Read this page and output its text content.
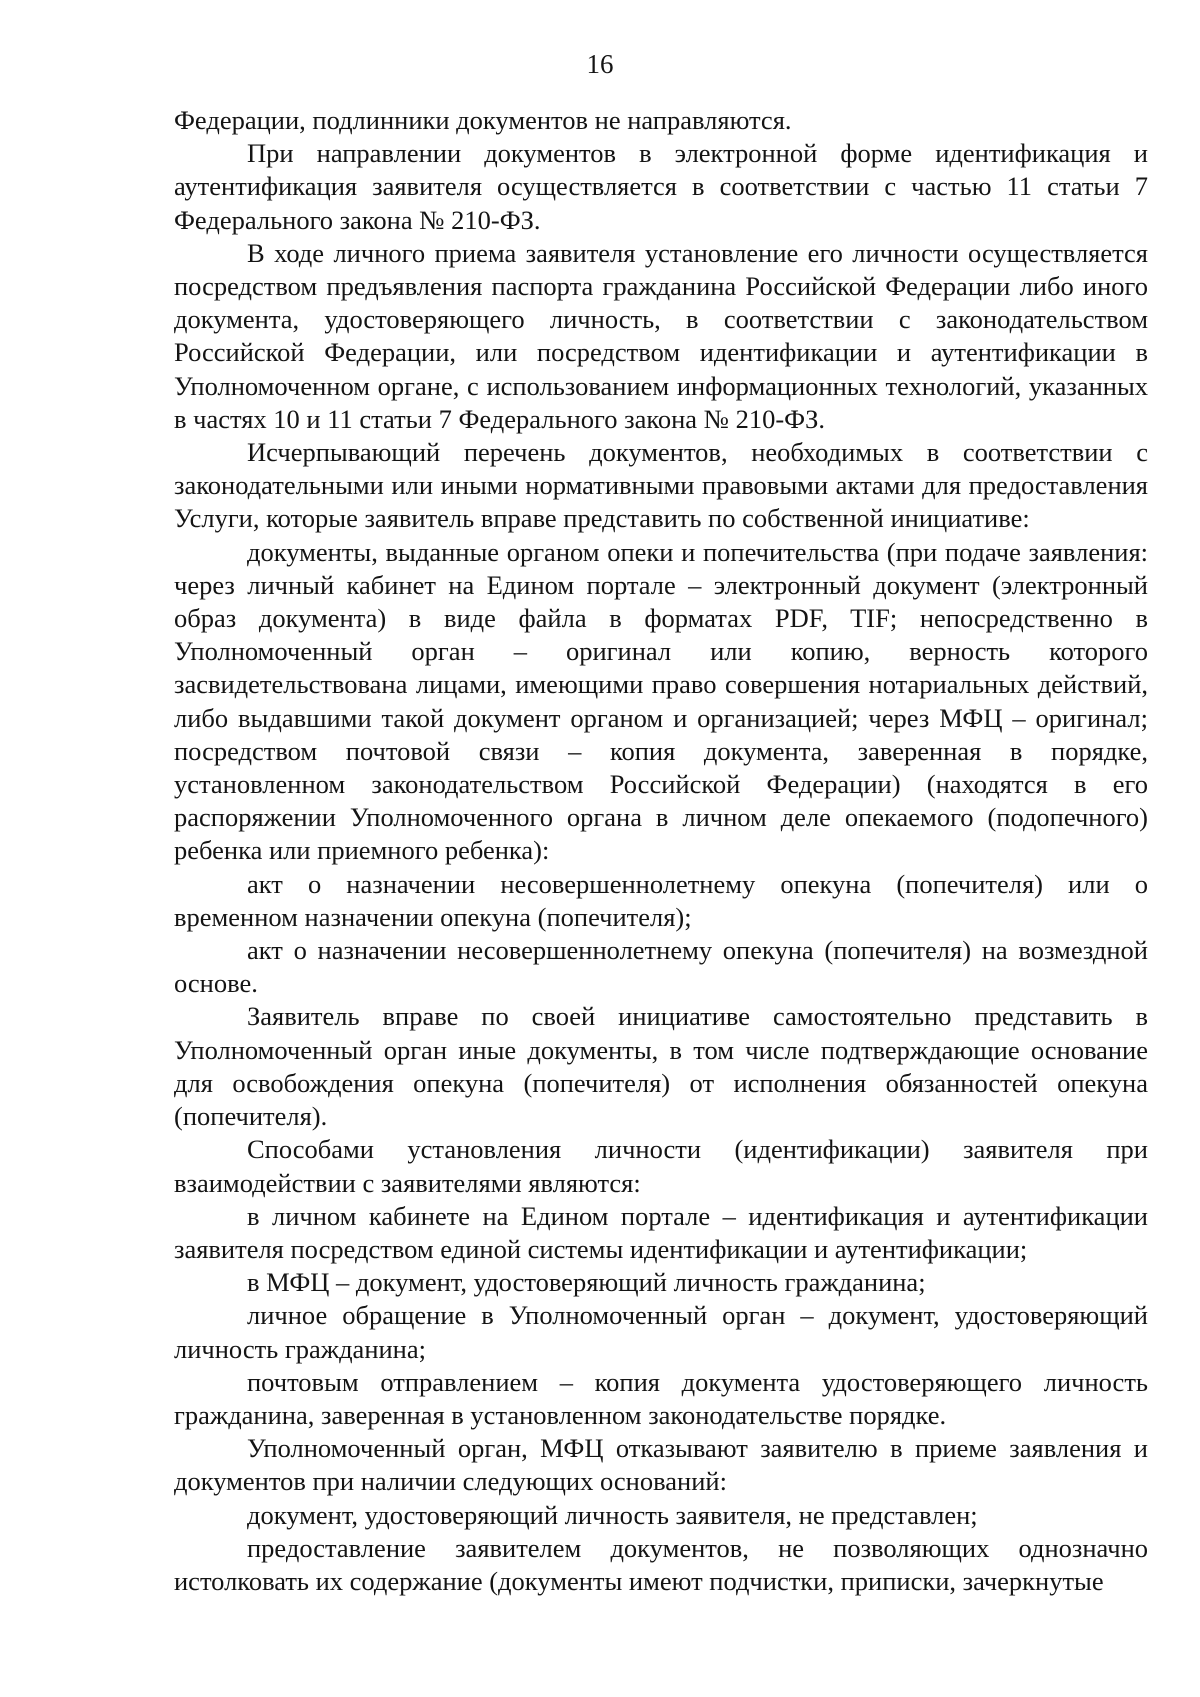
16

Федерации, подлинники документов не направляются.

При направлении документов в электронной форме идентификация и аутентификация заявителя осуществляется в соответствии с частью 11 статьи 7 Федерального закона № 210-ФЗ.

В ходе личного приема заявителя установление его личности осуществляется посредством предъявления паспорта гражданина Российской Федерации либо иного документа, удостоверяющего личность, в соответствии с законодательством Российской Федерации, или посредством идентификации и аутентификации в Уполномоченном органе, с использованием информационных технологий, указанных в частях 10 и 11 статьи 7 Федерального закона № 210-ФЗ.

Исчерпывающий перечень документов, необходимых в соответствии с законодательными или иными нормативными правовыми актами для предоставления Услуги, которые заявитель вправе представить по собственной инициативе:

документы, выданные органом опеки и попечительства (при подаче заявления: через личный кабинет на Едином портале – электронный документ (электронный образ документа) в виде файла в форматах PDF, TIF; непосредственно в Уполномоченный орган – оригинал или копию, верность которого засвидетельствована лицами, имеющими право совершения нотариальных действий, либо выдавшими такой документ органом и организацией; через МФЦ – оригинал; посредством почтовой связи – копия документа, заверенная в порядке, установленном законодательством Российской Федерации) (находятся в его распоряжении Уполномоченного органа в личном деле опекаемого (подопечного) ребенка или приемного ребенка):

акт о назначении несовершеннолетнему опекуна (попечителя) или о временном назначении опекуна (попечителя);

акт о назначении несовершеннолетнему опекуна (попечителя) на возмездной основе.

Заявитель вправе по своей инициативе самостоятельно представить в Уполномоченный орган иные документы, в том числе подтверждающие основание для освобождения опекуна (попечителя) от исполнения обязанностей опекуна (попечителя).

Способами установления личности (идентификации) заявителя при взаимодействии с заявителями являются:

в личном кабинете на Едином портале – идентификация и аутентификации заявителя посредством единой системы идентификации и аутентификации;

в МФЦ – документ, удостоверяющий личность гражданина;

личное обращение в Уполномоченный орган – документ, удостоверяющий личность гражданина;

почтовым отправлением – копия документа удостоверяющего личность гражданина, заверенная в установленном законодательстве порядке.

Уполномоченный орган, МФЦ отказывают заявителю в приеме заявления и документов при наличии следующих оснований:

документ, удостоверяющий личность заявителя, не представлен;

предоставление заявителем документов, не позволяющих однозначно истолковать их содержание (документы имеют подчистки, приписки, зачеркнутые
